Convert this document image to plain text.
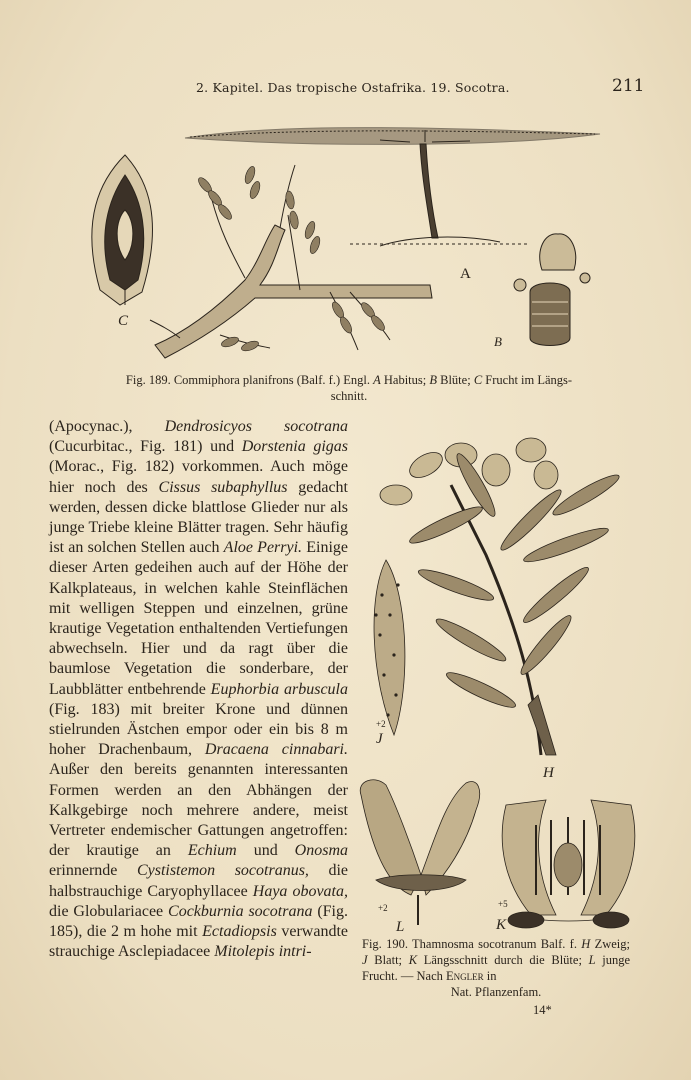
2. Kapitel. Das tropische Ostafrika. 19. Socotra.	211
A
B
C
Fig. 189. Commiphora planifrons (Balf. f.) Engl. A Habitus; B Blüte; C Frucht im Längs-
schnitt.

(Apocynac.), Dendrosicyos socotrana (Cucurbitac., Fig. 181) und Dorstenia gigas (Morac., Fig. 182) vorkommen. Auch möge hier noch des Cissus subaphyllus gedacht werden, dessen dicke blattlose Glieder nur als junge Triebe kleine Blätter tragen. Sehr häufig ist an solchen Stellen auch Aloe Perryi. Einige dieser Arten gedeihen auch auf der Höhe der Kalkplateaus, in welchen kahle Steinflächen mit welligen Steppen und einzelnen, grüne krautige Vegetation enthaltenden Vertiefungen abwechseln. Hier und da ragt über die baumlose Vegetation die sonderbare, der Laubblätter entbehrende Euphorbia arbuscula (Fig. 183) mit breiter Krone und dünnen stielrunden Ästchen empor oder ein bis 8 m hoher Drachenbaum, Dracaena cinnabari. Außer den bereits genannten interessanten Formen werden an den Abhängen der Kalkgebirge noch mehrere andere, meist Vertreter endemischer Gattungen angetroffen: der krautige an Echium und Onosma erinnernde Cystistemon socotranus, die halbstrauchige Caryophyllacee Haya obovata, die Globulariacee Cockburnia socotrana (Fig. 185), die 2 m hohe mit Ectadiopsis verwandte strauchige Asclepiadacee Mitolepis intri-

H
+2
J
+2
L
+5
K
Fig. 190. Thamnosma socotranum Balf. f. H Zweig; J Blatt; K Längsschnitt durch die Blüte; L junge Frucht. — Nach Engler in
Nat. Pflanzenfam.
14*
